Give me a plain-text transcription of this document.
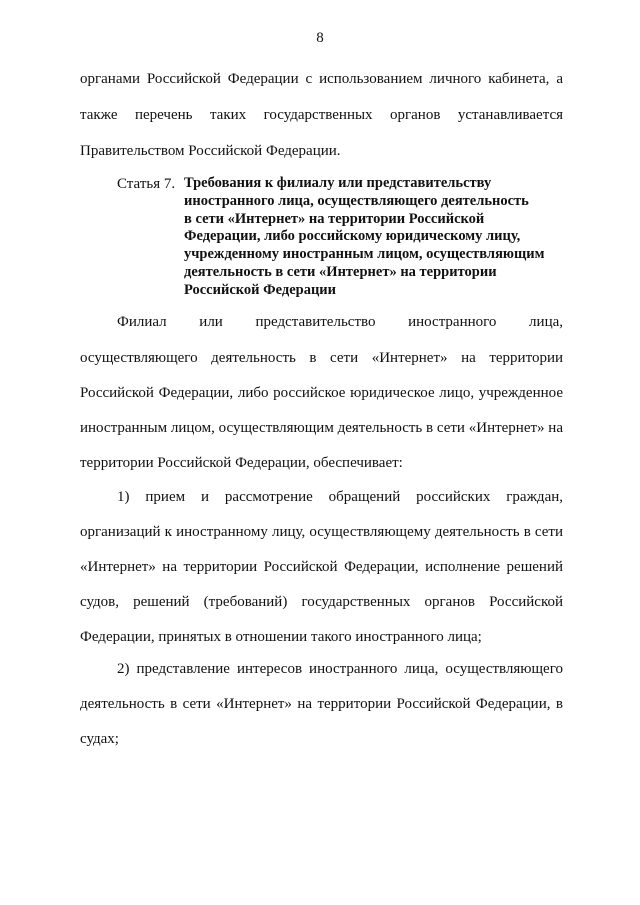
8
органами Российской Федерации с использованием личного кабинета, а
также перечень таких государственных органов устанавливается
Правительством Российской Федерации.
Статья 7. Требования к филиалу или представительству
иностранного лица, осуществляющего деятельность
в сети «Интернет» на территории Российской
Федерации, либо российскому юридическому лицу,
учрежденному иностранным лицом, осуществляющим
деятельность в сети «Интернет» на территории
Российской Федерации
Филиал или представительство иностранного лица,
осуществляющего деятельность в сети «Интернет» на территории
Российской Федерации, либо российское юридическое лицо, учрежденное
иностранным лицом, осуществляющим деятельность в сети «Интернет» на
территории Российской Федерации, обеспечивает:
1) прием и рассмотрение обращений российских граждан,
организаций к иностранному лицу, осуществляющему деятельность в сети
«Интернет» на территории Российской Федерации, исполнение решений
судов, решений (требований) государственных органов Российской
Федерации, принятых в отношении такого иностранного лица;
2) представление интересов иностранного лица, осуществляющего
деятельность в сети «Интернет» на территории Российской Федерации, в
судах;
